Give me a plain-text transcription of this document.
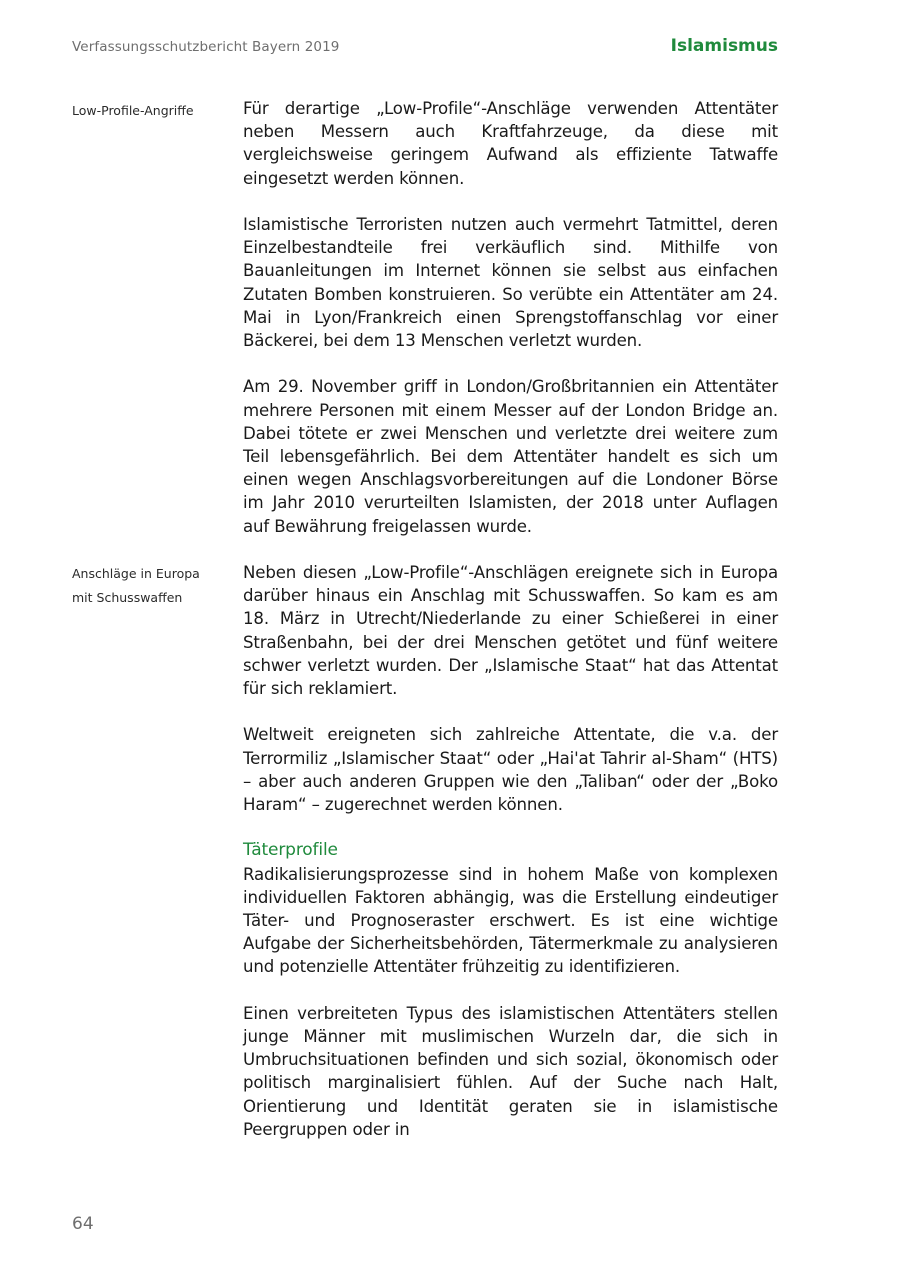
Verfassungsschutzbericht Bayern 2019	Islamismus
Low-Profile-Angriffe
Anschläge in Europa
mit Schusswaffen

Für derartige „Low-Profile“-Anschläge verwenden Attentäter neben Messern auch Kraftfahrzeuge, da diese mit vergleichsweise geringem Aufwand als effiziente Tatwaffe eingesetzt werden können.

Islamistische Terroristen nutzen auch vermehrt Tatmittel, deren Einzelbestandteile frei verkäuflich sind. Mithilfe von Bauanleitungen im Internet können sie selbst aus einfachen Zutaten Bomben konstruieren. So verübte ein Attentäter am 24. Mai in Lyon/Frankreich einen Sprengstoffanschlag vor einer Bäckerei, bei dem 13 Menschen verletzt wurden.

Am 29. November griff in London/Großbritannien ein Attentäter mehrere Personen mit einem Messer auf der London Bridge an. Dabei tötete er zwei Menschen und verletzte drei weitere zum Teil lebensgefährlich. Bei dem Attentäter handelt es sich um einen wegen Anschlagsvorbereitungen auf die Londoner Börse im Jahr 2010 verurteilten Islamisten, der 2018 unter Auflagen auf Bewährung freigelassen wurde.

Neben diesen „Low-Profile“-Anschlägen ereignete sich in Europa darüber hinaus ein Anschlag mit Schusswaffen. So kam es am 18. März in Utrecht/Niederlande zu einer Schießerei in einer Straßenbahn, bei der drei Menschen getötet und fünf weitere schwer verletzt wurden. Der „Islamische Staat“ hat das Attentat für sich reklamiert.

Weltweit ereigneten sich zahlreiche Attentate, die v.a. der Terrormiliz „Islamischer Staat“ oder „Hai'at Tahrir al-Sham“ (HTS) – aber auch anderen Gruppen wie den „Taliban“ oder der „Boko Haram“ – zugerechnet werden können.

Täterprofile

Radikalisierungsprozesse sind in hohem Maße von komplexen individuellen Faktoren abhängig, was die Erstellung eindeutiger Täter- und Prognoseraster erschwert. Es ist eine wichtige Aufgabe der Sicherheitsbehörden, Tätermerkmale zu analysieren und potenzielle Attentäter frühzeitig zu identifizieren.

Einen verbreiteten Typus des islamistischen Attentäters stellen junge Männer mit muslimischen Wurzeln dar, die sich in Umbruchsituationen befinden und sich sozial, ökonomisch oder politisch marginalisiert fühlen. Auf der Suche nach Halt, Orientierung und Identität geraten sie in islamistische Peergruppen oder in

64
